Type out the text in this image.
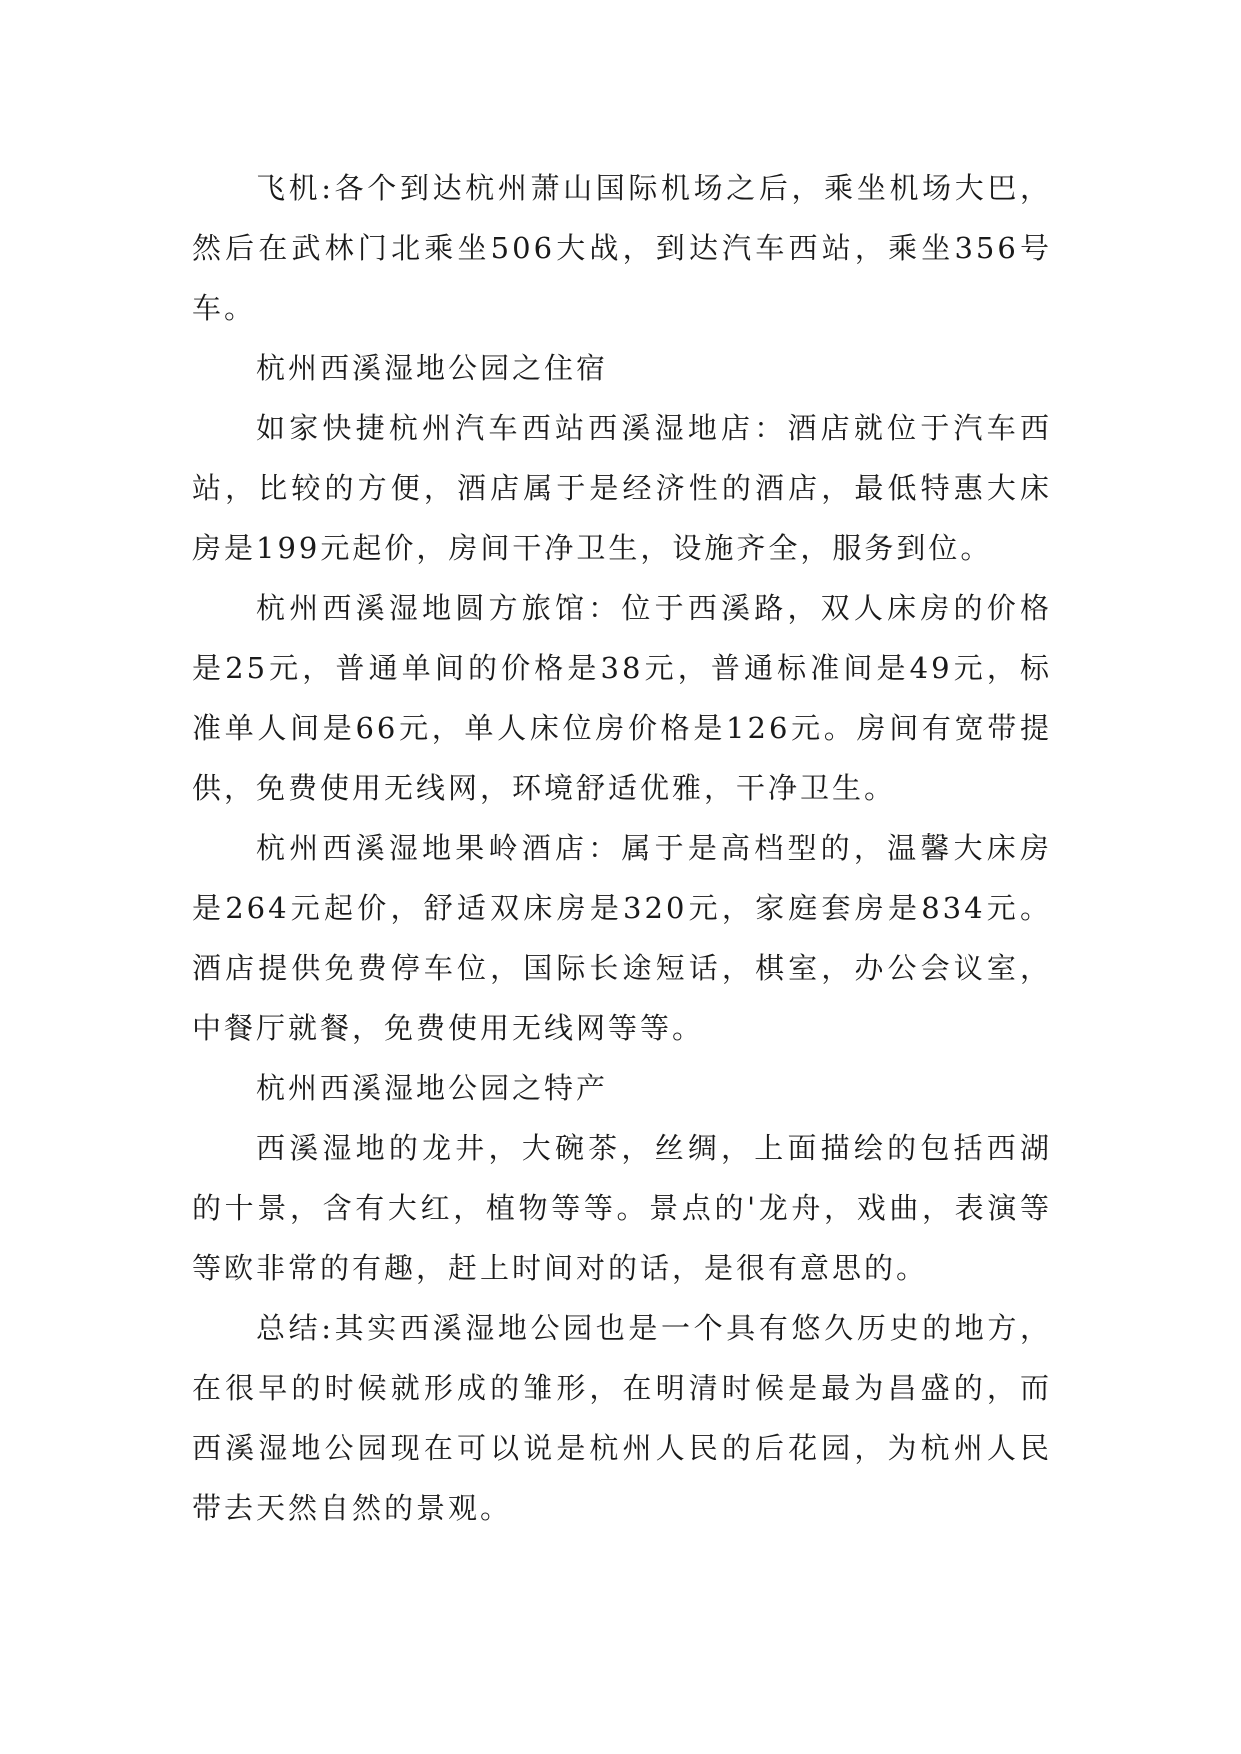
飞机:各个到达杭州萧山国际机场之后，乘坐机场大巴，然后在武林门北乘坐506大战，到达汽车西站，乘坐356号车。

杭州西溪湿地公园之住宿

如家快捷杭州汽车西站西溪湿地店：酒店就位于汽车西站，比较的方便，酒店属于是经济性的酒店，最低特惠大床房是199元起价，房间干净卫生，设施齐全，服务到位。

杭州西溪湿地圆方旅馆：位于西溪路，双人床房的价格是25元，普通单间的价格是38元，普通标准间是49元，标准单人间是66元，单人床位房价格是126元。房间有宽带提供，免费使用无线网，环境舒适优雅，干净卫生。

杭州西溪湿地果岭酒店：属于是高档型的，温馨大床房是264元起价，舒适双床房是320元，家庭套房是834元。酒店提供免费停车位，国际长途短话，棋室，办公会议室，中餐厅就餐，免费使用无线网等等。

杭州西溪湿地公园之特产

西溪湿地的龙井，大碗茶，丝绸，上面描绘的包括西湖的十景，含有大红，植物等等。景点的'龙舟，戏曲，表演等等欧非常的有趣，赶上时间对的话，是很有意思的。

总结:其实西溪湿地公园也是一个具有悠久历史的地方，在很早的时候就形成的雏形，在明清时候是最为昌盛的，而西溪湿地公园现在可以说是杭州人民的后花园，为杭州人民带去天然自然的景观。
